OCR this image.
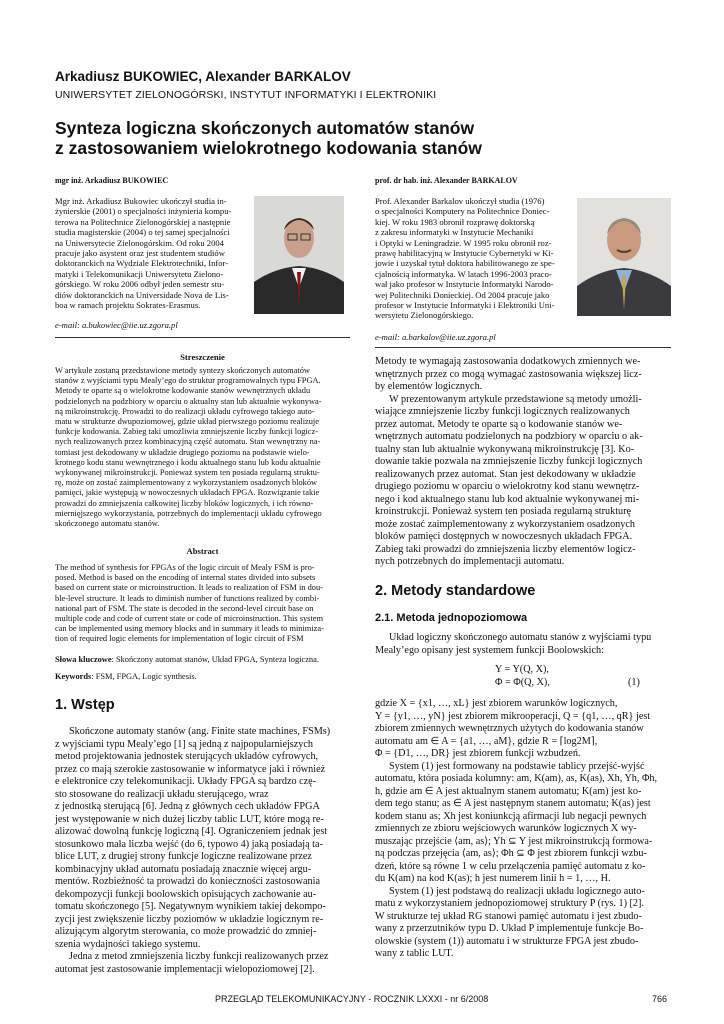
Arkadiusz BUKOWIEC, Alexander BARKALOV
UNIWERSYTET ZIELONOGÓRSKI, INSTYTUT INFORMATYKI I ELEKTRONIKI
Synteza logiczna skończonych automatów stanów
z zastosowaniem wielokrotnego kodowania stanów
mgr inż. Arkadiusz BUKOWIEC

Mgr inż. Arkadiusz Bukowiec ukończył studia in-

żynierskie (2001) o specjalności inżynieria kompu-

terowa na Politechnice Zielonogórskiej a następnie

studia magisterskie (2004) o tej samej specjalności

na Uniwersytecie Zielonogórskim. Od roku 2004

pracuje jako asystent oraz jest studentem studiów

doktoranckich na Wydziale Elektrotechniki, Infor-

matyki i Telekomunikacji Uniwersytetu Zielono-

górskiego. W roku 2006 odbył jeden semestr stu-

diów doktoranckich na Universidade Nova de Lis-

boa w ramach projektu Sokrates-Erasmus.

e-mail: a.bukowiec@iie.uz.zgora.pl
prof. dr hab. inż. Alexander BARKALOV

Prof. Alexander Barkalov ukończył studia (1976)

o specjalności Komputery na Politechnice Doniec-

kiej. W roku 1983 obronił rozprawę doktorską

z zakresu informatyki w Instytucie Mechaniki

i Optyki w Leningradzie. W 1995 roku obronił roz-

prawę habilitacyjną w Instytucie Cybernetyki w Ki-

jowie i uzyskał tytuł doktora habilitowanego ze spe-

cjalnością informatyka. W latach 1996-2003 praco-

wał jako profesor w Instytucie Informatyki Narodo-

wej Politechniki Donieckiej. Od 2004 pracuje jako

profesor w Instytucie Informatyki i Elektroniki Uni-

wersytetu Zielonogórskiego.

e-mail: a.barkalov@iie.uz.zgora.pl
Streszczenie

W artykule zostaną przedstawione metody syntezy skończonych automatów

stanów z wyjściami typu Mealy’ego do struktur programowalnych typu FPGA.

Metody te oparte są o wielokrotne kodowanie stanów wewnętrznych układu

podzielonych na podzbiory w oparciu o aktualny stan lub aktualnie wykonywa-

ną mikroinstrukcję. Prowadzi to do realizacji układu cyfrowego takiego auto-

matu w strukturze dwupoziomowej, gdzie układ pierwszego poziomu realizuje

funkcje kodowania. Zabieg taki umożliwia zmniejszenie liczby funkcji logicz-

nych realizowanych przez kombinacyjną część automatu. Stan wewnętrzny na-

tomiast jest dekodowany w układzie drugiego poziomu na podstawie wielo-

krotnego kodu stanu wewnętrznego i kodu aktualnego stanu lub kodu aktualnie

wykonywanej mikroinstrukcji. Ponieważ system ten posiada regularną struktu-

rę, może on zostać zaimplementowany z wykorzystaniem osadzonych bloków

pamięci, jakie występują w nowoczesnych układach FPGA. Rozwiązanie takie

prowadzi do zmniejszenia całkowitej liczby bloków logicznych, i ich równo-

miernięjszego wykorzystania, potrzebnych do implementacji układu cyfrowego

skończonego automatu stanów.

Abstract

The method of synthesis for FPGAs of the logic circuit of Mealy FSM is pro-

posed. Method is based on the encoding of internal states divided into subsets

based on current state or microinstruction. It leads to realization of FSM in dou-

ble-level structure. It leads to diminish number of functions realized by combi-

national part of FSM. The state is decoded in the second-level circuit base on

multiple code and code of current state or code of microinstruction. This system

can be implemented using memory blocks and in summary it leads to minimiza-

tion of required logic elements for implementation of logic circuit of FSM

Słowa kluczowe: Skończony automat stanów, Układ FPGA, Synteza logiczna.
Keywords: FSM, FPGA, Logic synthesis.
1. Wstęp

Skończone automaty stanów (ang. Finite state machines, FSMs)

z wyjściami typu Mealy’ego [1] są jedną z najpopularniejszych

metod projektowania jednostek sterujących układów cyfrowych,

przez co mają szerokie zastosowanie w informatyce jaki i również

e elektronice czy telekomunikacji. Układy FPGA są bardzo czę-

sto stosowane do realizacji układu sterującego, wraz

z jednostką sterującą [6]. Jedną z głównych cech układów FPGA

jest występowanie w nich dużej liczby tablic LUT, które mogą re-

alizować dowolną funkcję logiczną [4]. Ograniczeniem jednak jest

stosunkowo mała liczba wejść (do 6, typowo 4) jaką posiadają ta-

blice LUT, z drugiej strony funkcje logiczne realizowane przez

kombinacyjny układ automatu posiadają znacznie więcej argu-

mentów. Rozbieżność ta prowadzi do konieczności zastosowania

dekompozycji funkcji boolowskich opisujących zachowanie au-

tomatu skończonego [5]. Negatywnym wynikiem takiej dekompo-

zycji jest zwiększenie liczby poziomów w układzie logicznym re-

alizującym algorytm sterowania, co może prowadzić do zmniej-

szenia wydajności takiego systemu.

Jedna z metod zmniejszenia liczby funkcji realizowanych przez

automat jest zastosowanie implementacji wielopoziomowej [2].

Metody te wymagają zastosowania dodatkowych zmiennych we-

wnętrznych przez co mogą wymagać zastosowania większej licz-

by elementów logicznych.

W prezentowanym artykule przedstawione są metody umożli-

wiające zmniejszenie liczby funkcji logicznych realizowanych

przez automat. Metody te oparte są o kodowanie stanów we-

wnętrznych automatu podzielonych na podzbiory w oparciu o ak-

tualny stan lub aktualnie wykonywaną mikroinstrukcję [3]. Ko-

dowanie takie pozwala na zmniejszenie liczby funkcji logicznych

realizowanych przez automat. Stan jest dekodowany w układzie

drugiego poziomu w oparciu o wielokrotny kod stanu wewnętrz-

nego i kod aktualnego stanu lub kod aktualnie wykonywanej mi-

kroinstrukcji. Ponieważ system ten posiada regularną strukturę

może zostać zaimplementowany z wykorzystaniem osadzonych

bloków pamięci dostępnych w nowoczesnych układach FPGA.

Zabieg taki prowadzi do zmniejszenia liczby elementów logicz-

nych potrzebnych do implementacji automatu.

2. Metody standardowe
2.1. Metoda jednopoziomowa

Układ logiczny skończonego automatu stanów z wyjściami typu

Mealy’ego opisany jest systemem funkcji Boolowskich:

Y = Y(Q, X),
Φ = Φ(Q, X),	(1)

gdzie X = {x1, …, xL} jest zbiorem warunków logicznych,

Y = {y1, …, yN} jest zbiorem mikrooperacji, Q = {q1, …, qR} jest

zbiorem zmiennych wewnętrznych użytych do kodowania stanów

automatu am ∈ A = {a1, …, aM}, gdzie R = ⌈log2M⌉,

Φ = {D1, …, DR} jest zbiorem funkcji wzbudzeń.

System (1) jest formowany na podstawie tablicy przejść-wyjść

automatu, która posiada kolumny: am, K(am), as, K(as), Xh, Yh, Φh,

h, gdzie am ∈ A jest aktualnym stanem automatu; K(am) jest ko-

dem tego stanu; as ∈ A jest następnym stanem automatu; K(as) jest

kodem stanu as; Xh jest koniunkcją afirmacji lub negacji pewnych

zmiennych ze zbioru wejściowych warunków logicznych X wy-

muszając przejście ⟨am, as⟩; Yh ⊆ Y jest mikroinstrukcją formowa-

ną podczas przejęcia ⟨am, as⟩; Φh ⊆ Φ jest zbiorem funkcji wzbu-

dzeń, które są równe 1 w celu przełączenia pamięć automatu z ko-

du K(am) na kod K(as); h jest numerem linii h = 1, …, H.

System (1) jest podstawą do realizacji układu logicznego auto-

matu z wykorzystaniem jednopoziomowej struktury P (rys. 1) [2].

W strukturze tej układ RG stanowi pamięć automatu i jest zbudo-

wany z przerzutników typu D. Układ P implementuje funkcje Bo-

olowskie (system (1)) automatu i w strukturze FPGA jest zbudo-

wany z tablic LUT.

PRZEGLĄD TELEKOMUNIKACYJNY - ROCZNIK LXXXI - nr 6/2008	766
